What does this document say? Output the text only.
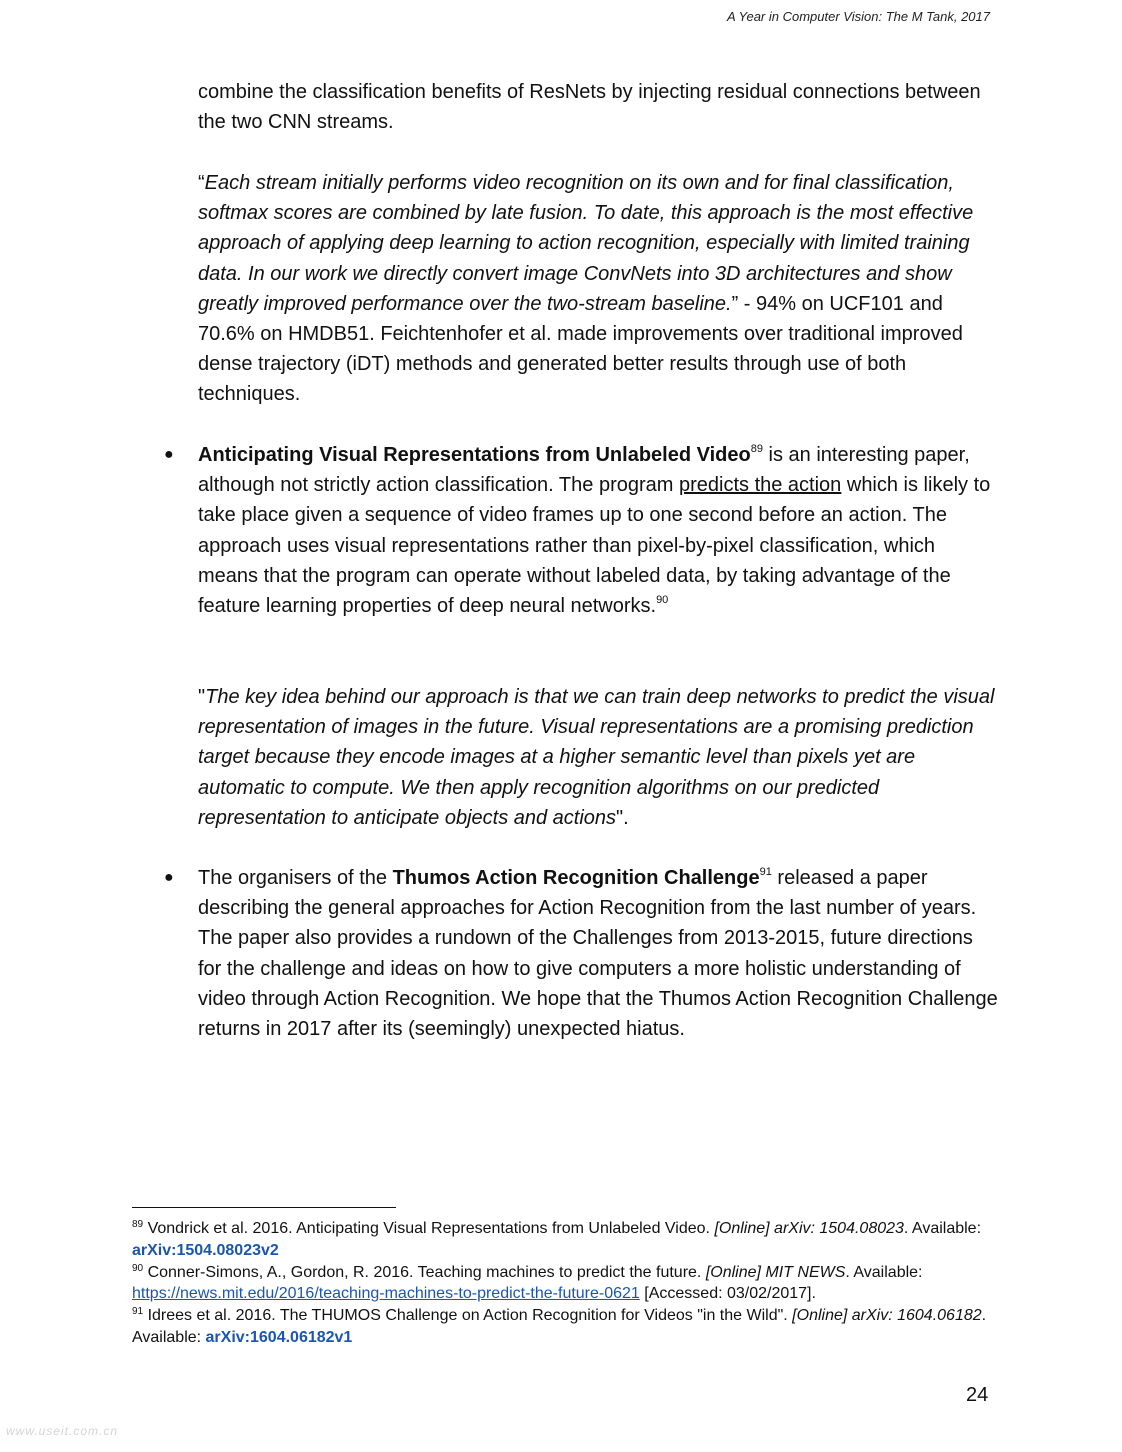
A Year in Computer Vision: The M Tank, 2017

combine the classification benefits of ResNets by injecting residual connections between the two CNN streams.

“Each stream initially performs video recognition on its own and for final classification, softmax scores are combined by late fusion. To date, this approach is the most effective approach of applying deep learning to action recognition, especially with limited training data. In our work we directly convert image ConvNets into 3D architectures and show greatly improved performance over the two-stream baseline.” - 94% on UCF101 and 70.6% on HMDB51. Feichtenhofer et al. made improvements over traditional improved dense trajectory (iDT) methods and generated better results through use of both techniques.

● Anticipating Visual Representations from Unlabeled Video$^{89}$ is an interesting paper, although not strictly action classification. The program predicts the action which is likely to take place given a sequence of video frames up to one second before an action. The approach uses visual representations rather than pixel-by-pixel classification, which means that the program can operate without labeled data, by taking advantage of the feature learning properties of deep neural networks.$^{90}$

"The key idea behind our approach is that we can train deep networks to predict the visual representation of images in the future. Visual representations are a promising prediction target because they encode images at a higher semantic level than pixels yet are automatic to compute. We then apply recognition algorithms on our predicted representation to anticipate objects and actions".

● The organisers of the Thumos Action Recognition Challenge$^{91}$ released a paper describing the general approaches for Action Recognition from the last number of years. The paper also provides a rundown of the Challenges from 2013-2015, future directions for the challenge and ideas on how to give computers a more holistic understanding of video through Action Recognition. We hope that the Thumos Action Recognition Challenge returns in 2017 after its (seemingly) unexpected hiatus.

$^{89}$ Vondrick et al. 2016. Anticipating Visual Representations from Unlabeled Video. [Online] arXiv: 1504.08023. Available: arXiv:1504.08023v2

$^{90}$ Conner-Simons, A., Gordon, R. 2016. Teaching machines to predict the future. [Online] MIT NEWS. Available: https://news.mit.edu/2016/teaching-machines-to-predict-the-future-0621 [Accessed: 03/02/2017].

$^{91}$ Idrees et al. 2016. The THUMOS Challenge on Action Recognition for Videos "in the Wild". [Online] arXiv: 1604.06182. Available: arXiv:1604.06182v1

24
www.useit.com.cn
